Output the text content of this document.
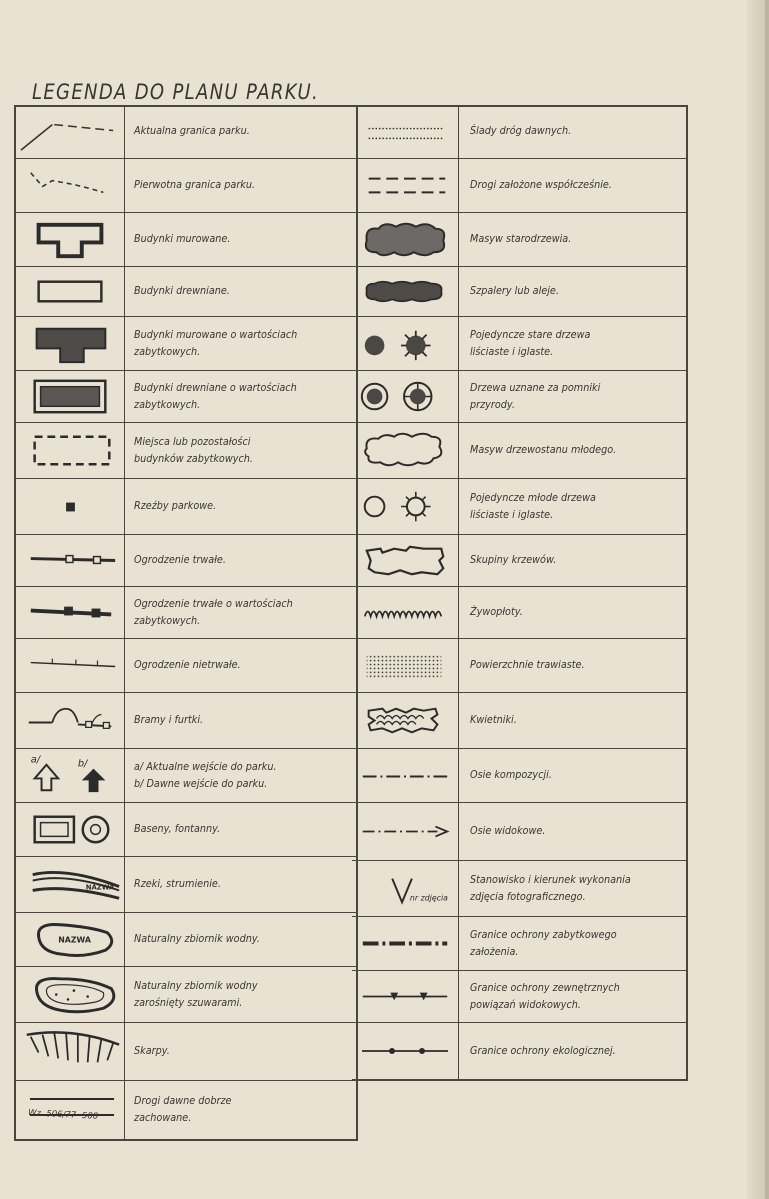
LEGENDA DO PLANU PARKU.
Aktualna granica parku.
Pierwotna granica parku.
Budynki murowane.
Budynki drewniane.
Budynki murowane o wartościach
zabytkowych.
Budynki drewniane o wartościach
zabytkowych.
Miejsca lub pozostałości
budynków zabytkowych.
Rzeźby parkowe.
Ogrodzenie trwałe.
Ogrodzenie trwałe o wartościach
zabytkowych.
Ogrodzenie nietrwałe.
Bramy i furtki.
a/	b/	a/ Aktualne wejście do parku.
b/ Dawne wejście do parku.
Baseny, fontanny.
NAZWA Rzeki, strumienie.
NAZWA	Naturalny zbiornik wodny.
Naturalny zbiornik wodny
zarośnięty szuwarami.
Skarpy.
Drogi dawne dobrze
zachowane.
Ślady dróg dawnych.
Drogi założone współcześnie.
Masyw starodrzewia.
Szpalery lub aleje.
Pojedyncze stare drzewa
liściaste i iglaste.
Drzewa uznane za pomniki
przyrody.
Masyw drzewostanu młodego.
Pojedyncze młode drzewa
liściaste i iglaste.
Skupiny krzewów.
Żywopłoty.
Powierzchnie trawiaste.
Kwietniki.
Osie kompozycji.
Osie widokowe.
nr zdjęcia
Stanowisko i kierunek wykonania
zdjęcia fotograficznego.
Granice ochrony zabytkowego
założenia.
Granice ochrony zewnętrznych
powiązań widokowych.
Granice ochrony ekologicznej.
Wz. 506/77- 500
